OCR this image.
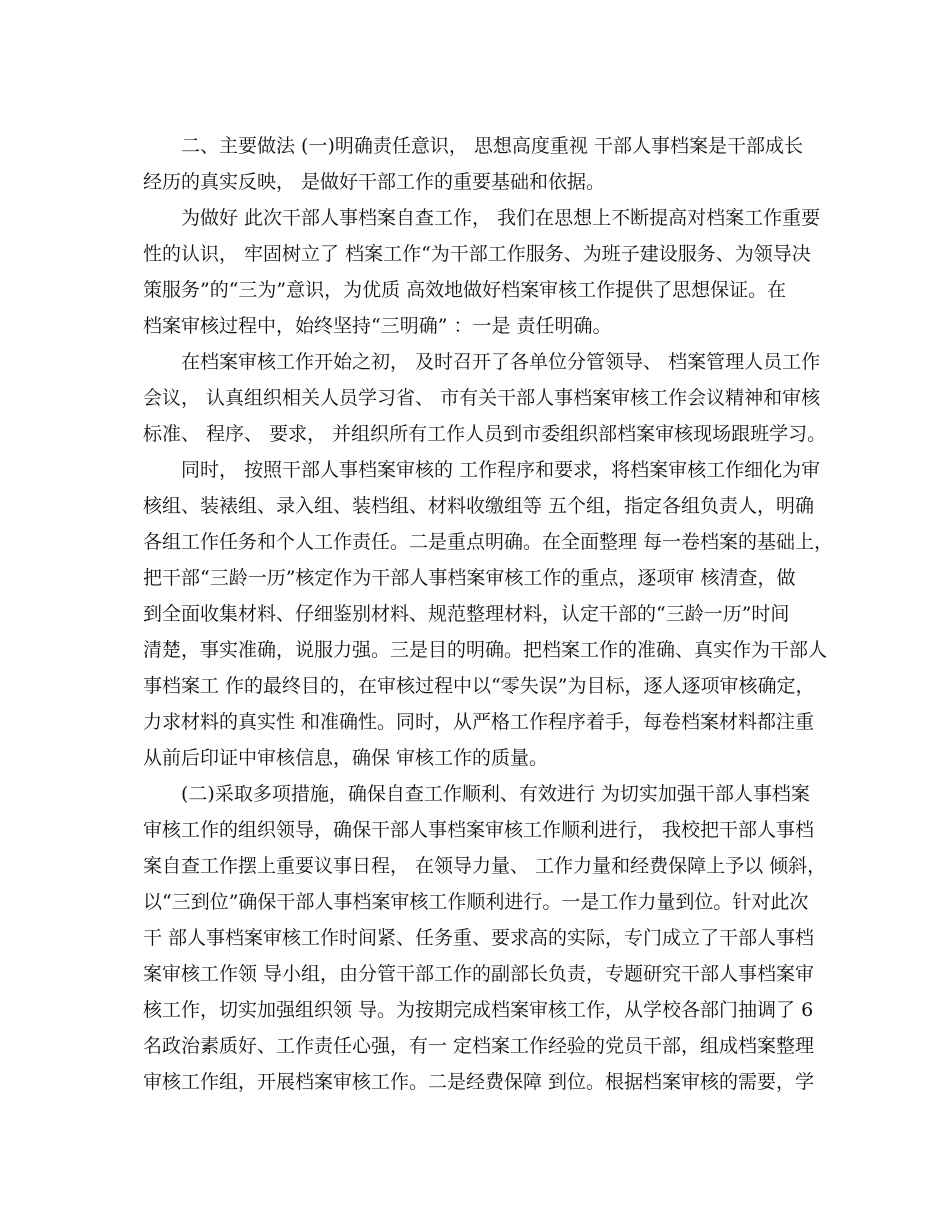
二、主要做法 (一)明确责任意识， 思想高度重视 干部人事档案是干部成长
经历的真实反映， 是做好干部工作的重要基础和依据。
为做好 此次干部人事档案自查工作， 我们在思想上不断提高对档案工作重要
性的认识， 牢固树立了 档案工作“为干部工作服务、为班子建设服务、为领导决
策服务”的“三为”意识，为优质 高效地做好档案审核工作提供了思想保证。在
档案审核过程中，始终坚持“三明确” ：一是 责任明确。
在档案审核工作开始之初， 及时召开了各单位分管领导、 档案管理人员工作
会议， 认真组织相关人员学习省、 市有关干部人事档案审核工作会议精神和审核
标准、 程序、 要求， 并组织所有工作人员到市委组织部档案审核现场跟班学习。
同时， 按照干部人事档案审核的 工作程序和要求，将档案审核工作细化为审
核组、装裱组、录入组、装档组、材料收缴组等 五个组，指定各组负责人，明确
各组工作任务和个人工作责任。二是重点明确。在全面整理 每一卷档案的基础上，
把干部“三龄一历”核定作为干部人事档案审核工作的重点，逐项审 核清查，做
到全面收集材料、仔细鉴别材料、规范整理材料，认定干部的“三龄一历”时间
清楚，事实准确，说服力强。三是目的明确。把档案工作的准确、真实作为干部人
事档案工 作的最终目的，在审核过程中以“零失误”为目标，逐人逐项审核确定，
力求材料的真实性 和准确性。同时，从严格工作程序着手，每卷档案材料都注重
从前后印证中审核信息，确保 审核工作的质量。
(二)采取多项措施，确保自查工作顺利、有效进行 为切实加强干部人事档案
审核工作的组织领导，确保干部人事档案审核工作顺利进行， 我校把干部人事档
案自查工作摆上重要议事日程， 在领导力量、 工作力量和经费保障上予以 倾斜，
以“三到位”确保干部人事档案审核工作顺利进行。一是工作力量到位。针对此次
干 部人事档案审核工作时间紧、任务重、要求高的实际，专门成立了干部人事档
案审核工作领 导小组，由分管干部工作的副部长负责，专题研究干部人事档案审
核工作，切实加强组织领 导。为按期完成档案审核工作，从学校各部门抽调了 6
名政治素质好、工作责任心强，有一 定档案工作经验的党员干部，组成档案整理
审核工作组，开展档案审核工作。二是经费保障 到位。根据档案审核的需要，学
